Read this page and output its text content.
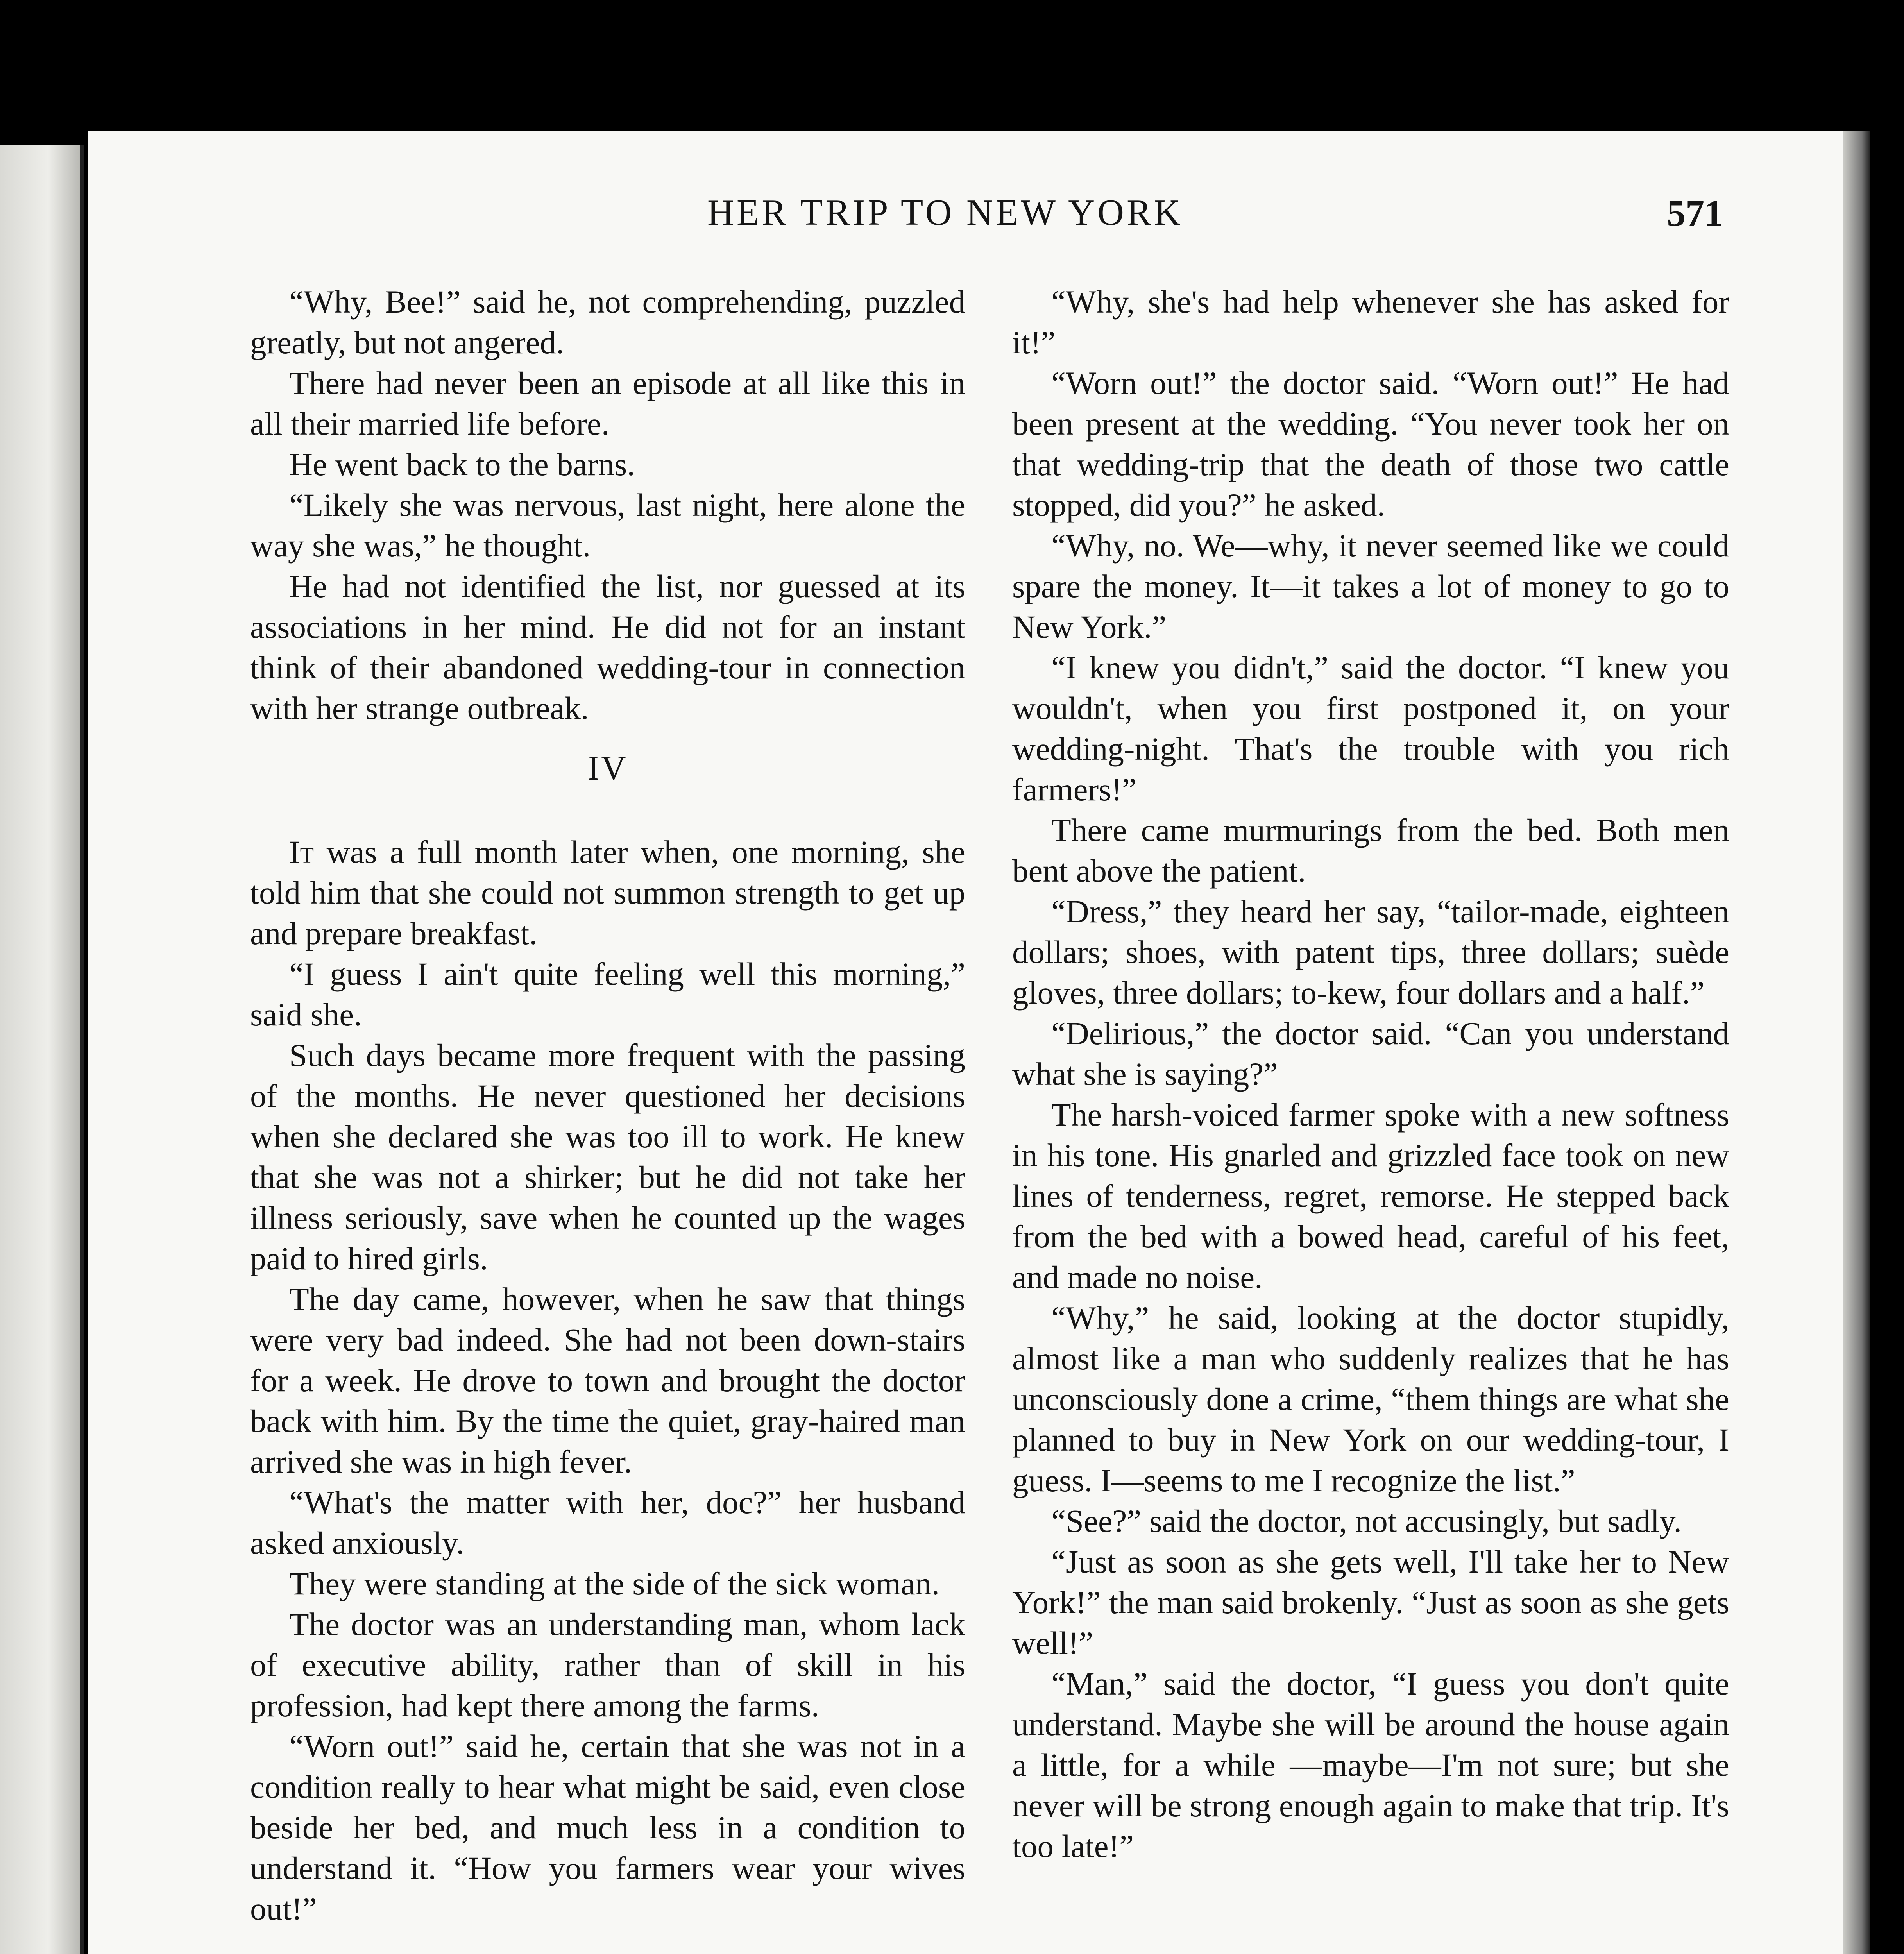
HER TRIP TO NEW YORK	571

“Why, Bee!” said he, not comprehending, puzzled greatly, but not angered.

There had never been an episode at all like this in all their married life before.

He went back to the barns.

“Likely she was nervous, last night, here alone the way she was,” he thought.

He had not identified the list, nor guessed at its associations in her mind. He did not for an instant think of their abandoned wedding-tour in connection with her strange outbreak.

IV

It was a full month later when, one morning, she told him that she could not summon strength to get up and prepare breakfast.

“I guess I ain't quite feeling well this morning,” said she.

Such days became more frequent with the passing of the months. He never questioned her decisions when she declared she was too ill to work. He knew that she was not a shirker; but he did not take her illness seriously, save when he counted up the wages paid to hired girls.

The day came, however, when he saw that things were very bad indeed. She had not been down-stairs for a week. He drove to town and brought the doctor back with him. By the time the quiet, gray-haired man arrived she was in high fever.

“What's the matter with her, doc?” her husband asked anxiously.

They were standing at the side of the sick woman.

The doctor was an understanding man, whom lack of executive ability, rather than of skill in his profession, had kept there among the farms.

“Worn out!” said he, certain that she was not in a condition really to hear what might be said, even close beside her bed, and much less in a condition to understand it. “How you farmers wear your wives out!”

“Why, she's had help whenever she has asked for it!”

“Worn out!” the doctor said. “Worn out!” He had been present at the wedding. “You never took her on that wedding-trip that the death of those two cattle stopped, did you?” he asked.

“Why, no. We—why, it never seemed like we could spare the money. It—it takes a lot of money to go to New York.”

“I knew you didn't,” said the doctor. “I knew you wouldn't, when you first postponed it, on your wedding-night. That's the trouble with you rich farmers!”

There came murmurings from the bed. Both men bent above the patient.

“Dress,” they heard her say, “tailor-made, eighteen dollars; shoes, with patent tips, three dollars; suède gloves, three dollars; to-kew, four dollars and a half.”

“Delirious,” the doctor said. “Can you understand what she is saying?”

The harsh-voiced farmer spoke with a new softness in his tone. His gnarled and grizzled face took on new lines of tenderness, regret, remorse. He stepped back from the bed with a bowed head, careful of his feet, and made no noise.

“Why,” he said, looking at the doctor stupidly, almost like a man who suddenly realizes that he has unconsciously done a crime, “them things are what she planned to buy in New York on our wedding-tour, I guess. I—seems to me I recognize the list.”

“See?” said the doctor, not accusingly, but sadly.

“Just as soon as she gets well, I'll take her to New York!” the man said brokenly. “Just as soon as she gets well!”

“Man,” said the doctor, “I guess you don't quite understand. Maybe she will be around the house again a little, for a while —maybe—I'm not sure; but she never will be strong enough again to make that trip. It's too late!”
